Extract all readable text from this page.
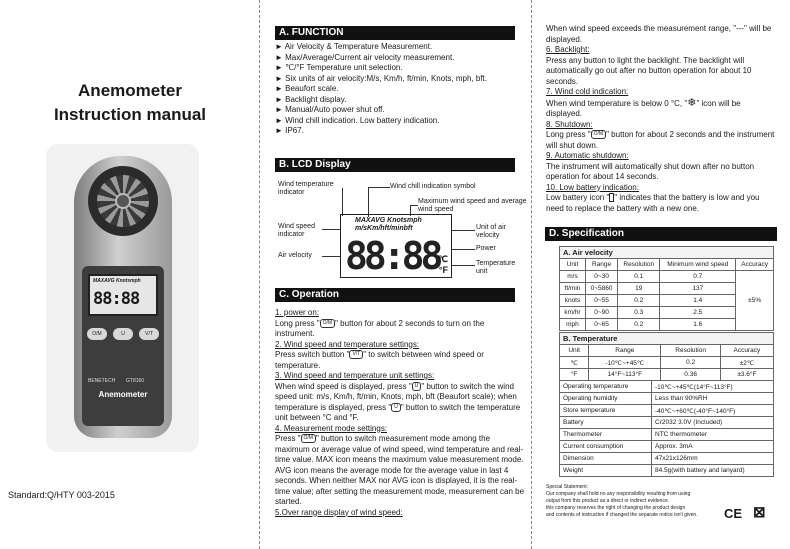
Anemometer
Instruction manual
MAXAVG Knotsmph
88:88
O/M	U	V/T
BENETECH GT8160
Anemometer
Standard:Q/HTY 003-2015
A. FUNCTION
► Air Velocity & Temperature Measurement.
► Max/Average/Current air velocity measurement.
► ℃/°F Temperature unit selection.
► Six units of air velocity:M/s, Km/h, ft/min, Knots, mph, bft.
► Beaufort scale.
► Backlight display.
► Manual/Auto power shut off.
► Wind chill indication. Low battery indication.
► IP67.
B. LCD Display
Wind temperature indicator
Wind chill indication symbol
Maximum wind speed and average wind speed
Wind speed indicator
Unit of air velocity
Power
Air velocity
Temperature unit
MAXAVG Knotsmph
m/sKm/hft/minbft
88:88
℃
°F
C. Operation
1. power on:
Long press " O/M " button for about 2 seconds to turn on the instrument.
2. Wind speed and temperature settings:
Press switch button " V/T " to switch between wind speed or temperature.
3. Wind speed and temperature unit settings:
When wind speed is displayed, press " U " button to switch the wind speed unit: m/s, Km/h, ft/min, Knots, mph, bft (Beaufort scale); when temperature is displayed, press " U " button to switch the temperature unit between °C and °F.
4. Measurement mode settings:
Press " O/M " button to switch measurement mode among the maximum or average value of wind speed, wind temperature and real-time value. MAX icon means the maximum value measurement mode. AVG icon means the average mode for the average value in last 4 seconds. When neither MAX nor AVG icon is displayed, it is the real-time value; after setting the measurement mode, measurement can be started.
5.Over range display of wind speed:
When wind speed exceeds the measurement range, "---" will be displayed.
6. Backlight:
Press any button to light the backlight. The backlight will automatically go out after no button operation for about 10 seconds.
7. Wind cold indication:
When wind temperature is below 0 °C, "❄" icon will be displayed.
8. Shutdown:
Long press " O/M " button for about 2 seconds and the instrument will shut down.
9. Automatic shutdown:
The instrument will automatically shut down after no button operation for about 14 seconds.
10. Low battery indication:
Low battery icon " " indicates that the battery is low and you need to replace the battery with a new one.
D. Specification
A. Air velocity				
Unit	Range	Resolution	Minimum wind speed	Accuracy
m/s	0~30	0.1	0.7	±5%
ft/min	0~5860	19	137	
knots	0~55	0.2	1.4	
km/hr	0~90	0.3	2.5	
mph	0~65	0.2	1.6	
B. Temperature			
Unit	Range	Resolution	Accuracy
℃	-10℃~+45℃	0.2	±2℃
°F	14°F~113°F	0.36	±3.6°F
Operating temperature	-10℃~+45℃(14°F~113°F)
Operating humidity	Less than 90%RH
Store temperature	-40℃~+60℃(-40°F~140°F)
Battery	Cr2032 3.0V (Included)
Thermometer	NTC thermometer
Current consumption	Approx. 3mA
Dimension	47x21x126mm
Weight	84.5g(with battery and lanyard)
Special Statement:
Our company shall hold no any responsibility resulting from using
output from this product as a direct or indirect evidence.
this company reserves the right of changing the product design
and contents of instruction if changed the separate notice isn't given.	CE ⊠
